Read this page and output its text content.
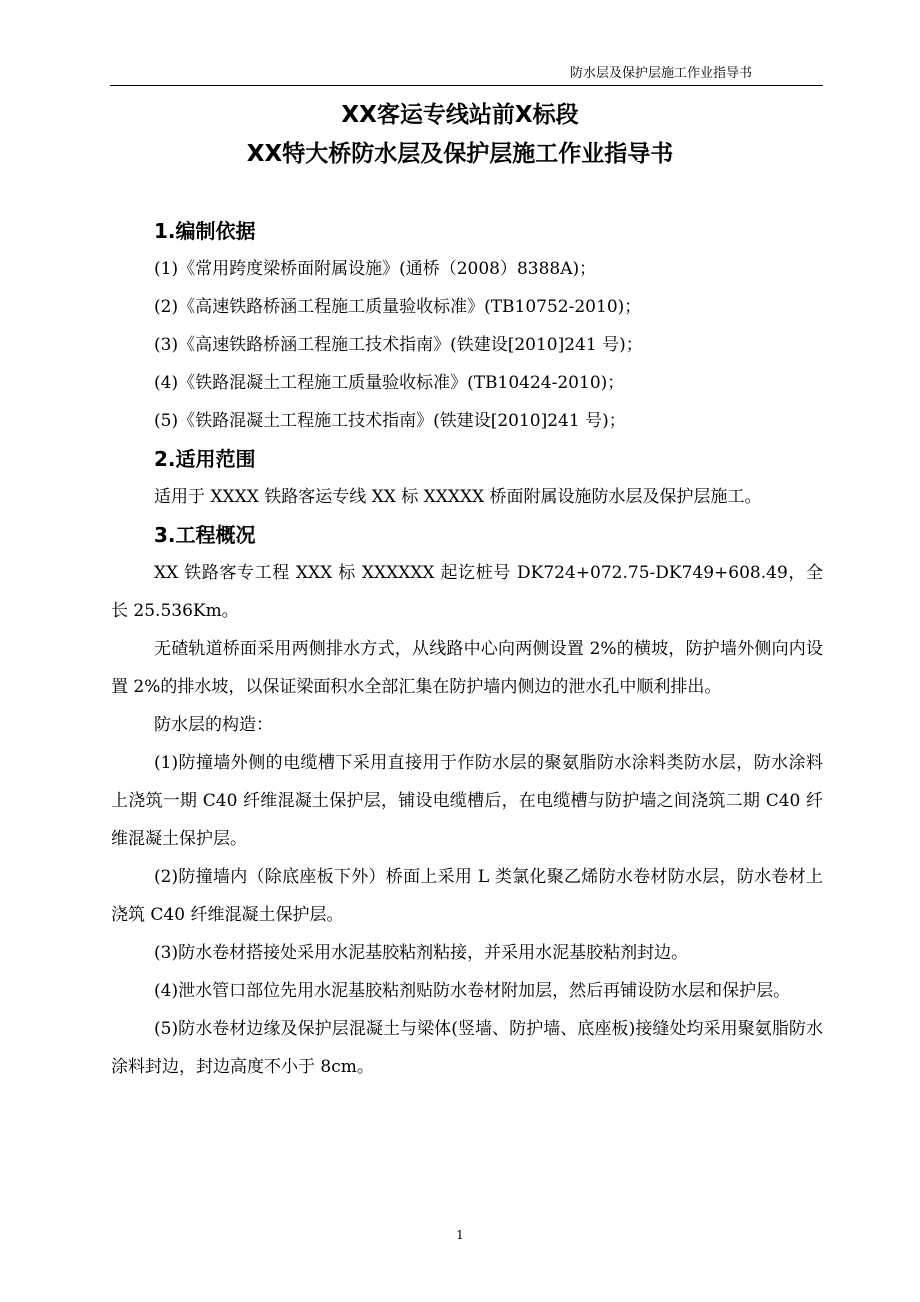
防水层及保护层施工作业指导书
XX客运专线站前X标段
XX特大桥防水层及保护层施工作业指导书
1.编制依据

(1)《常用跨度梁桥面附属设施》(通桥（2008）8388A)；

(2)《高速铁路桥涵工程施工质量验收标准》(TB10752-2010)；

(3)《高速铁路桥涵工程施工技术指南》(铁建设[2010]241 号)；

(4)《铁路混凝土工程施工质量验收标准》(TB10424-2010)；

(5)《铁路混凝土工程施工技术指南》(铁建设[2010]241 号)；

2.适用范围

适用于 XXXX 铁路客运专线 XX 标 XXXXX 桥面附属设施防水层及保护层施工。

3.工程概况

XX 铁路客专工程 XXX 标 XXXXXX 起讫桩号 DK724+072.75-DK749+608.49，全长 25.536Km。

无碴轨道桥面采用两侧排水方式，从线路中心向两侧设置 2%的横坡，防护墙外侧向内设置 2%的排水坡，以保证梁面积水全部汇集在防护墙内侧边的泄水孔中顺利排出。

防水层的构造：

(1)防撞墙外侧的电缆槽下采用直接用于作防水层的聚氨脂防水涂料类防水层，防水涂料上浇筑一期 C40 纤维混凝土保护层，铺设电缆槽后，在电缆槽与防护墙之间浇筑二期 C40 纤维混凝土保护层。

(2)防撞墙内（除底座板下外）桥面上采用 L 类氯化聚乙烯防水卷材防水层，防水卷材上浇筑 C40 纤维混凝土保护层。

(3)防水卷材搭接处采用水泥基胶粘剂粘接，并采用水泥基胶粘剂封边。

(4)泄水管口部位先用水泥基胶粘剂贴防水卷材附加层，然后再铺设防水层和保护层。

(5)防水卷材边缘及保护层混凝土与梁体(竖墙、防护墙、底座板)接缝处均采用聚氨脂防水涂料封边，封边高度不小于 8cm。

1
